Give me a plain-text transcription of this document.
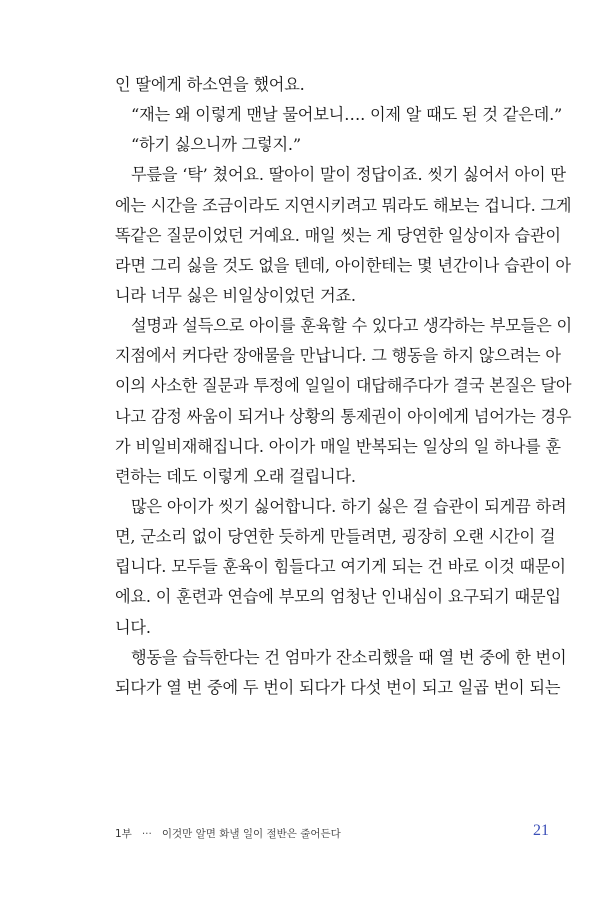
인 딸에게 하소연을 했어요.
“재는 왜 이렇게 맨날 물어보니…. 이제 알 때도 된 것 같은데.”
“하기 싫으니까 그렇지.”
무릎을 ‘탁’ 쳤어요. 딸아이 말이 정답이죠. 씻기 싫어서 아이 딴
에는 시간을 조금이라도 지연시키려고 뭐라도 해보는 겁니다. 그게
똑같은 질문이었던 거예요. 매일 씻는 게 당연한 일상이자 습관이
라면 그리 싫을 것도 없을 텐데, 아이한테는 몇 년간이나 습관이 아
니라 너무 싫은 비일상이었던 거죠.
설명과 설득으로 아이를 훈육할 수 있다고 생각하는 부모들은 이
지점에서 커다란 장애물을 만납니다. 그 행동을 하지 않으려는 아
이의 사소한 질문과 투정에 일일이 대답해주다가 결국 본질은 달아
나고 감정 싸움이 되거나 상황의 통제권이 아이에게 넘어가는 경우
가 비일비재해집니다. 아이가 매일 반복되는 일상의 일 하나를 훈
련하는 데도 이렇게 오래 걸립니다.
많은 아이가 씻기 싫어합니다. 하기 싫은 걸 습관이 되게끔 하려
면, 군소리 없이 당연한 듯하게 만들려면, 굉장히 오랜 시간이 걸
립니다. 모두들 훈육이 힘들다고 여기게 되는 건 바로 이것 때문이
에요. 이 훈련과 연습에 부모의 엄청난 인내심이 요구되기 때문입
니다.
행동을 습득한다는 건 엄마가 잔소리했을 때 열 번 중에 한 번이
되다가 열 번 중에 두 번이 되다가 다섯 번이 되고 일곱 번이 되는
1부 ··· 이것만 알면 화낼 일이 절반은 줄어든다	21
